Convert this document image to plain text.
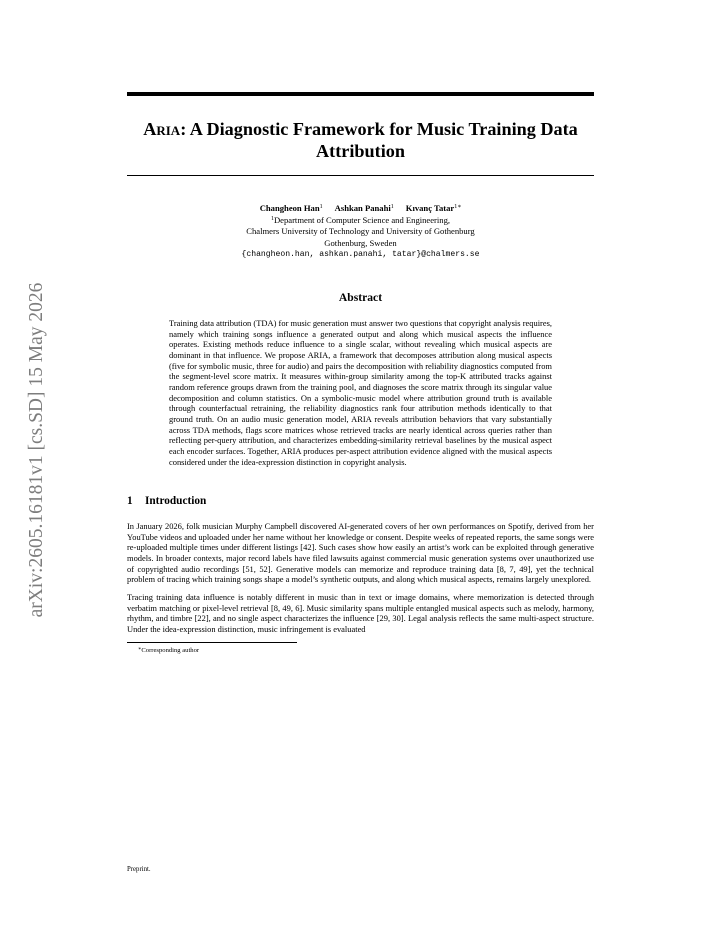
arXiv:2605.16181v1 [cs.SD] 15 May 2026
Aria: A Diagnostic Framework for Music Training Data Attribution
Changheon Han$^1$ Ashkan Panahi$^1$ Kıvanç Tatar$^{1∗}$
$^1$Department of Computer Science and Engineering,
Chalmers University of Technology and University of Gothenburg
Gothenburg, Sweden
{changheon.han, ashkan.panahi, tatar}@chalmers.se
Abstract

Training data attribution (TDA) for music generation must answer two questions that copyright analysis requires, namely which training songs influence a generated output and along which musical aspects the influence operates. Existing methods reduce influence to a single scalar, without revealing which musical aspects are dominant in that influence. We propose ARIA, a framework that decomposes attribution along musical aspects (five for symbolic music, three for audio) and pairs the decomposition with reliability diagnostics computed from the segment-level score matrix. It measures within-group similarity among the top-K attributed tracks against random reference groups drawn from the training pool, and diagnoses the score matrix through its singular value decomposition and column statistics. On a symbolic-music model where attribution ground truth is available through counterfactual retraining, the reliability diagnostics rank four attribution methods identically to that ground truth. On an audio music generation model, ARIA reveals attribution behaviors that vary substantially across TDA methods, flags score matrices whose retrieved tracks are nearly identical across queries rather than reflecting per-query attribution, and characterizes embedding-similarity retrieval baselines by the musical aspect each encoder surfaces. Together, ARIA produces per-aspect attribution evidence aligned with the musical aspects considered under the idea-expression distinction in copyright analysis.

1 Introduction

In January 2026, folk musician Murphy Campbell discovered AI-generated covers of her own performances on Spotify, derived from her YouTube videos and uploaded under her name without her knowledge or consent. Despite weeks of repeated reports, the same songs were re-uploaded multiple times under different listings [42]. Such cases show how easily an artist’s work can be exploited through generative models. In broader contexts, major record labels have filed lawsuits against commercial music generation systems over unauthorized use of copyrighted audio recordings [51, 52]. Generative models can memorize and reproduce training data [8, 7, 49], yet the technical problem of tracing which training songs shape a model’s synthetic outputs, and along which musical aspects, remains largely unexplored.

Tracing training data influence is notably different in music than in text or image domains, where memorization is detected through verbatim matching or pixel-level retrieval [8, 49, 6]. Music similarity spans multiple entangled musical aspects such as melody, harmony, rhythm, and timbre [22], and no single aspect characterizes the influence [29, 30]. Legal analysis reflects the same multi-aspect structure. Under the idea-expression distinction, music infringement is evaluated

∗Corresponding author
Preprint.
